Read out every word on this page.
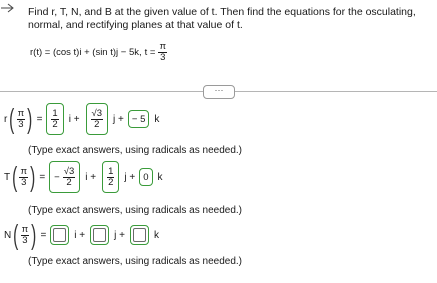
Find r, T, N, and B at the given value of t. Then find the equations for the osculating, normal, and rectifying planes at that value of t.
r(t) = (cos t)i + (sin t)j − 5k, $t = \frac{\pi}{3}$
···
r ( $\frac{\pi}{3}$ ) = $\frac{1}{2}$ $i + \frac{√3}{2}$ j + − 5 k
(Type exact answers, using radicals as needed.)
T ( $\frac{\pi}{3}$ ) = − $\frac{√3}{2}$ $i + \frac{1}{2}$ j + 0 k
(Type exact answers, using radicals as needed.)
N ( $\frac{\pi}{3}$ ) =	i +	j +	k
(Type exact answers, using radicals as needed.)
